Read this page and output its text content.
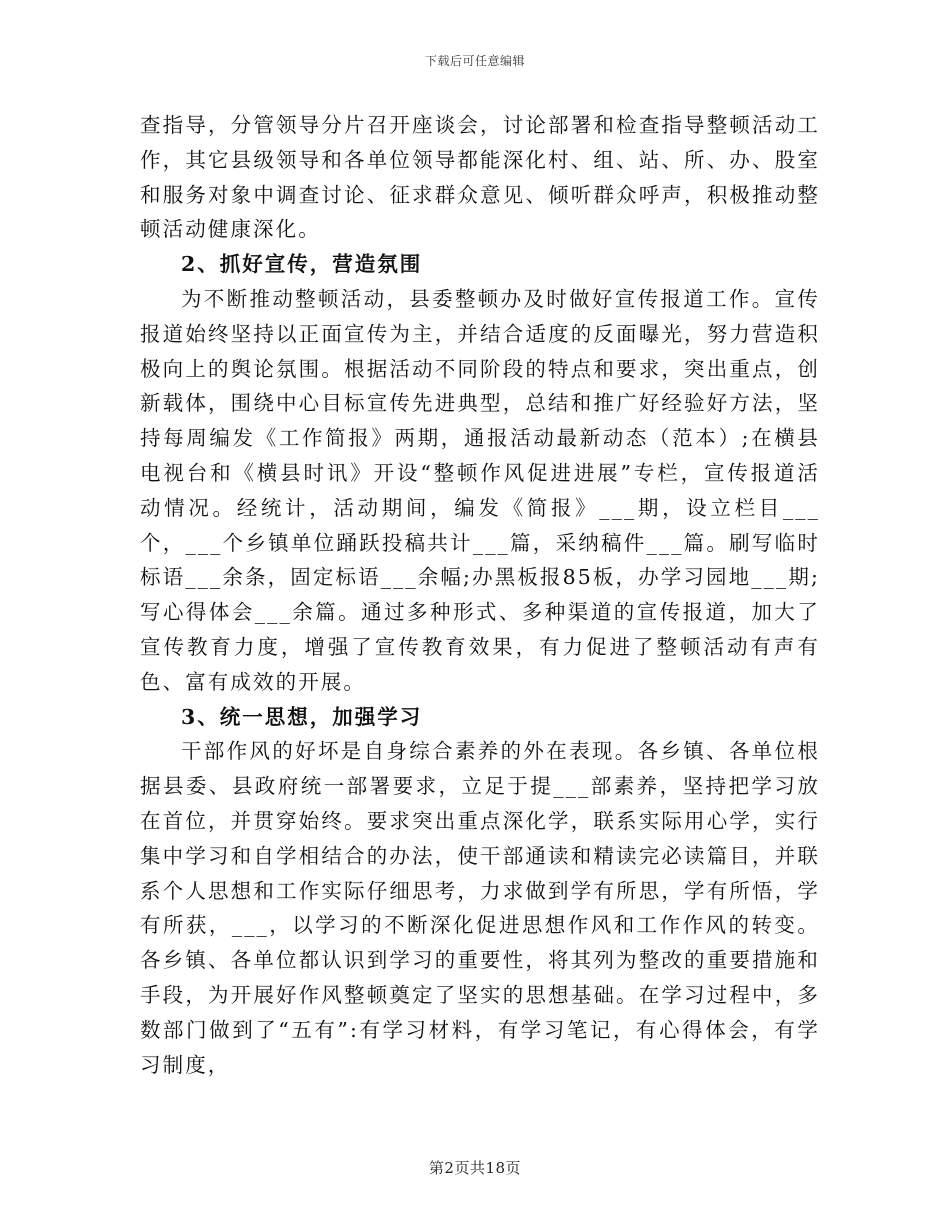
下载后可任意编辑

查指导，分管领导分片召开座谈会，讨论部署和检查指导整顿活动工作，其它县级领导和各单位领导都能深化村、组、站、所、办、股室和服务对象中调查讨论、征求群众意见、倾听群众呼声，积极推动整顿活动健康深化。

2、抓好宣传，营造氛围

为不断推动整顿活动，县委整顿办及时做好宣传报道工作。宣传报道始终坚持以正面宣传为主，并结合适度的反面曝光，努力营造积极向上的舆论氛围。根据活动不同阶段的特点和要求，突出重点，创新载体，围绕中心目标宣传先进典型，总结和推广好经验好方法，坚持每周编发《工作简报》两期，通报活动最新动态（范本）;在横县电视台和《横县时讯》开设“整顿作风促进进展”专栏，宣传报道活动情况。经统计，活动期间，编发《简报》___期，设立栏目___个，___个乡镇单位踊跃投稿共计___篇，采纳稿件___篇。刷写临时标语___余条，固定标语___余幅;办黑板报85板，办学习园地___期;写心得体会___余篇。通过多种形式、多种渠道的宣传报道，加大了宣传教育力度，增强了宣传教育效果，有力促进了整顿活动有声有色、富有成效的开展。

3、统一思想，加强学习

干部作风的好坏是自身综合素养的外在表现。各乡镇、各单位根据县委、县政府统一部署要求，立足于提___部素养，坚持把学习放在首位，并贯穿始终。要求突出重点深化学，联系实际用心学，实行集中学习和自学相结合的办法，使干部通读和精读完必读篇目，并联系个人思想和工作实际仔细思考，力求做到学有所思，学有所悟，学有所获，___，以学习的不断深化促进思想作风和工作作风的转变。各乡镇、各单位都认识到学习的重要性，将其列为整改的重要措施和手段，为开展好作风整顿奠定了坚实的思想基础。在学习过程中，多数部门做到了“五有”:有学习材料，有学习笔记，有心得体会，有学习制度，

第2页共18页
